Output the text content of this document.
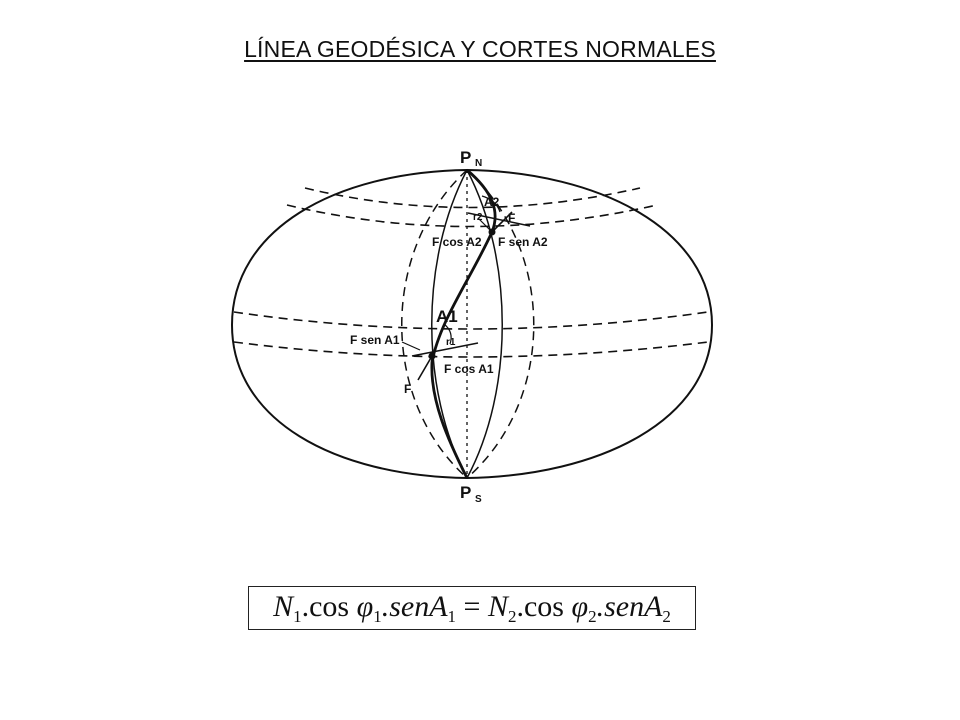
LÍNEA GEODÉSICA Y CORTES NORMALES
P N
P S
A2
r2 F
F cos A2 F sen A2
A1
r1
F sen A1
F cos A1
F
$N_1.\cos$ $\varphi_1.senA_1 = N_2.\cos$ $\varphi_2.senA_2$
